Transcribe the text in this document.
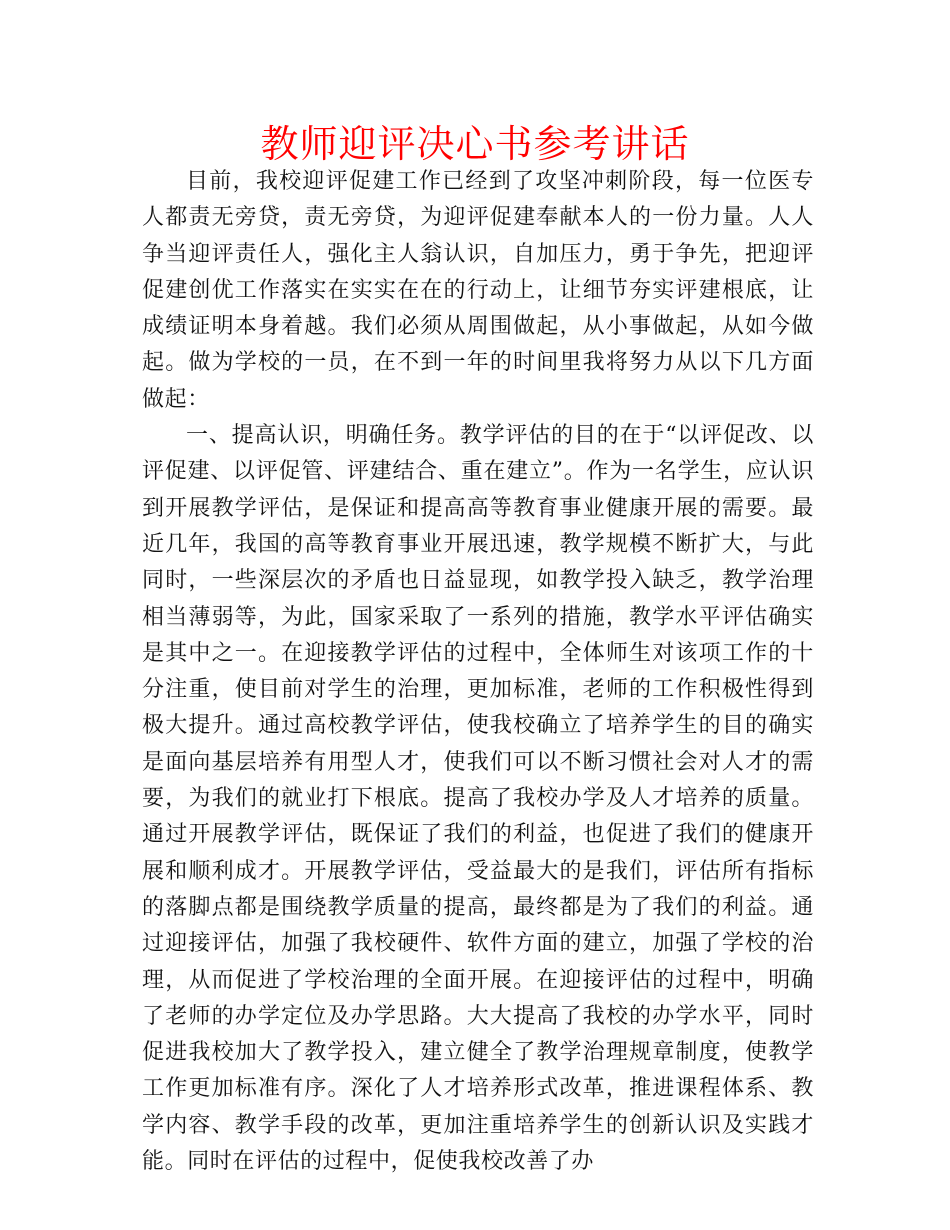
教师迎评决心书参考讲话

目前，我校迎评促建工作已经到了攻坚冲刺阶段，每一位医专人都责无旁贷，责无旁贷，为迎评促建奉献本人的一份力量。人人争当迎评责任人，强化主人翁认识，自加压力，勇于争先，把迎评促建创优工作落实在实实在在的行动上，让细节夯实评建根底，让成绩证明本身着越。我们必须从周围做起，从小事做起，从如今做起。做为学校的一员，在不到一年的时间里我将努力从以下几方面做起：

一、提高认识，明确任务。教学评估的目的在于“以评促改、以评促建、以评促管、评建结合、重在建立”。作为一名学生，应认识到开展教学评估，是保证和提高高等教育事业健康开展的需要。最近几年，我国的高等教育事业开展迅速，教学规模不断扩大，与此同时，一些深层次的矛盾也日益显现，如教学投入缺乏，教学治理相当薄弱等，为此，国家采取了一系列的措施，教学水平评估确实是其中之一。在迎接教学评估的过程中，全体师生对该项工作的十分注重，使目前对学生的治理，更加标准，老师的工作积极性得到极大提升。通过高校教学评估，使我校确立了培养学生的目的确实是面向基层培养有用型人才，使我们可以不断习惯社会对人才的需要，为我们的就业打下根底。提高了我校办学及人才培养的质量。通过开展教学评估，既保证了我们的利益，也促进了我们的健康开展和顺利成才。开展教学评估，受益最大的是我们，评估所有指标的落脚点都是围绕教学质量的提高，最终都是为了我们的利益。通过迎接评估，加强了我校硬件、软件方面的建立，加强了学校的治理，从而促进了学校治理的全面开展。在迎接评估的过程中，明确了老师的办学定位及办学思路。大大提高了我校的办学水平，同时促进我校加大了教学投入，建立健全了教学治理规章制度，使教学工作更加标准有序。深化了人才培养形式改革，推进课程体系、教学内容、教学手段的改革，更加注重培养学生的创新认识及实践才能。同时在评估的过程中，促使我校改善了办
